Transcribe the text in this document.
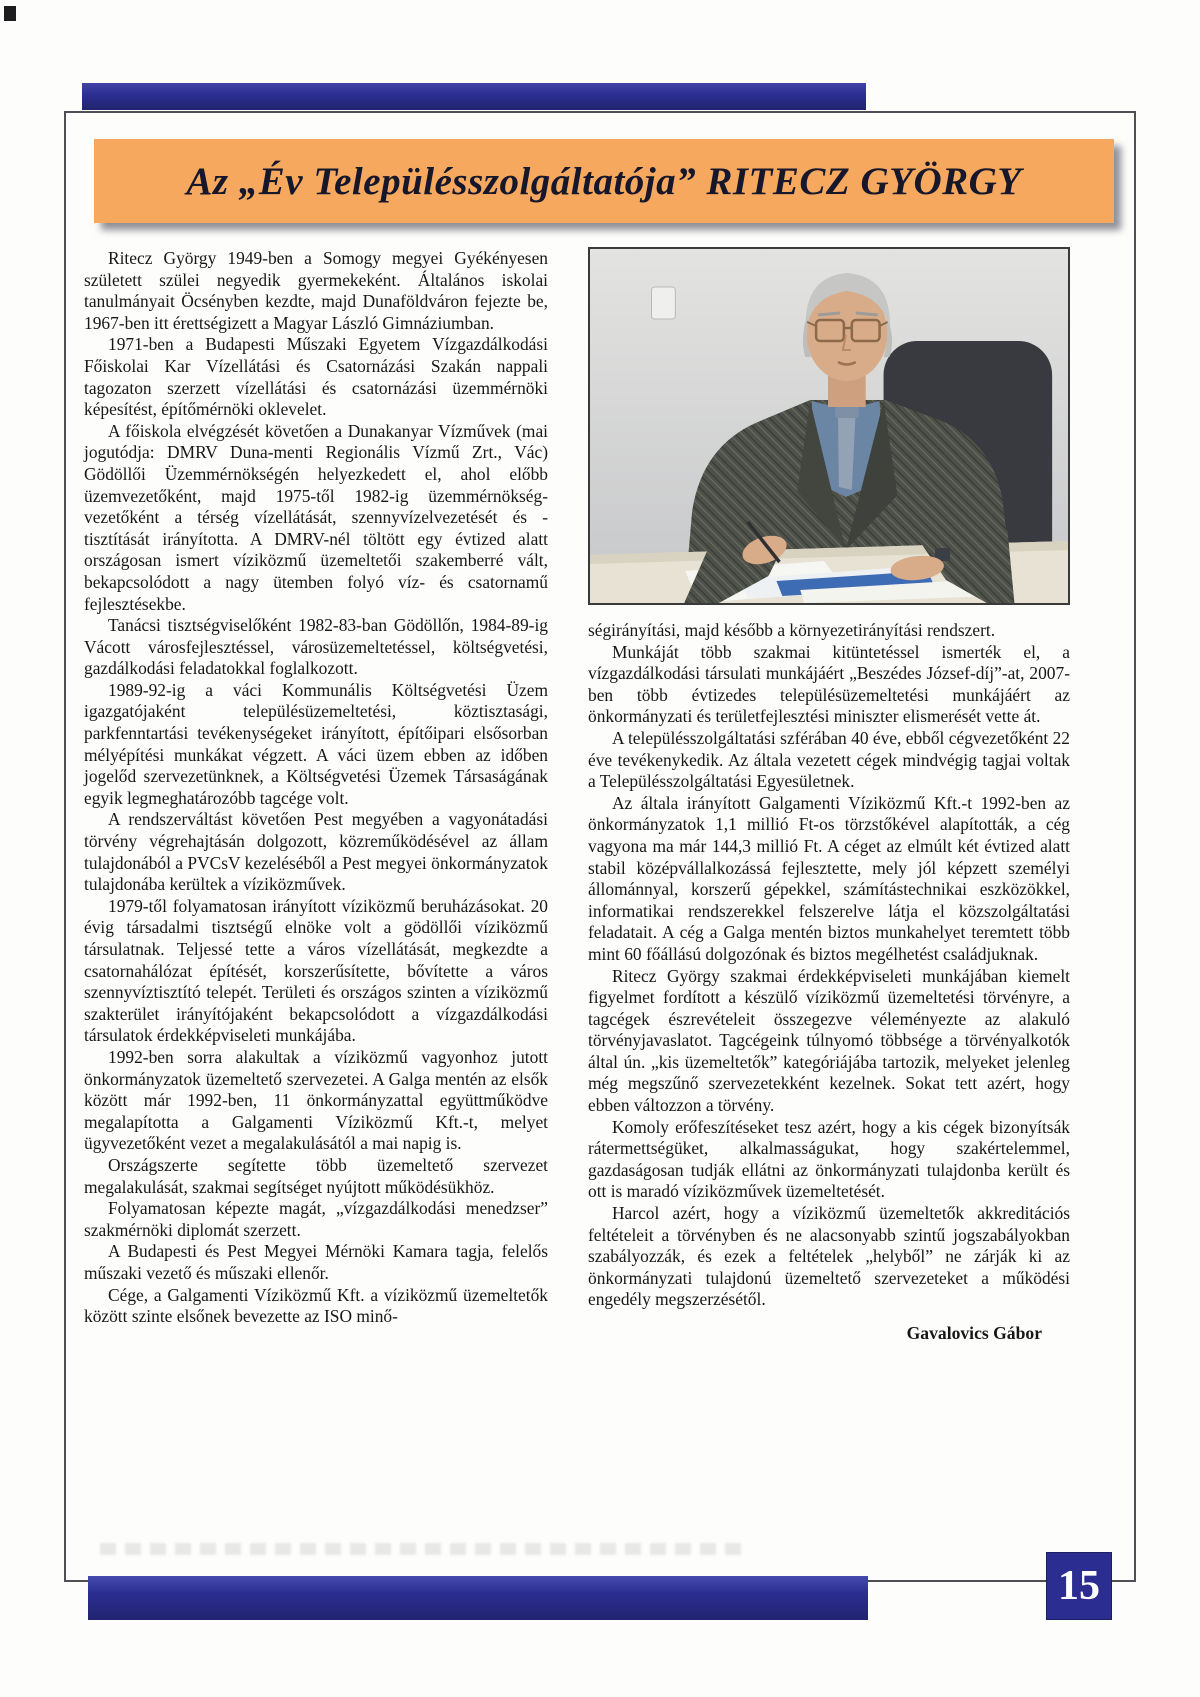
Az „Év Településszolgáltatója” RITECZ GYÖRGY

Ritecz György 1949-ben a Somogy megyei Gyékényesen született szülei negyedik gyermekeként. Általános iskolai tanulmányait Öcsényben kezdte, majd Dunaföldváron fejezte be, 1967-ben itt érettségizett a Magyar László Gimnáziumban.

1971-ben a Budapesti Műszaki Egyetem Vízgazdálkodási Főiskolai Kar Vízellátási és Csatornázási Szakán nappali tagozaton szerzett vízellátási és csatornázási üzemmérnöki képesítést, építőmérnöki oklevelet.

A főiskola elvégzését követően a Dunakanyar Vízművek (mai jogutódja: DMRV Duna-menti Regionális Vízmű Zrt., Vác) Gödöllői Üzemmérnökségén helyezkedett el, ahol előbb üzemvezetőként, majd 1975-től 1982-ig üzemmérnökség-vezetőként a térség vízellátását, szennyvízelvezetését és -tisztítását irányította. A DMRV-nél töltött egy évtized alatt országosan ismert víziközmű üzemeltetői szakemberré vált, bekapcsolódott a nagy ütemben folyó víz- és csatornamű fejlesztésekbe.

Tanácsi tisztségviselőként 1982-83-ban Gödöllőn, 1984-89-ig Vácott városfejlesztéssel, városüzemeltetéssel, költségvetési, gazdálkodási feladatokkal foglalkozott.

1989-92-ig a váci Kommunális Költségvetési Üzem igazgatójaként településüzemeltetési, köztisztasági, parkfenntartási tevékenységeket irányított, építőipari elsősorban mélyépítési munkákat végzett. A váci üzem ebben az időben jogelőd szervezetünknek, a Költségvetési Üzemek Társaságának egyik legmeghatározóbb tagcége volt.

A rendszerváltást követően Pest megyében a vagyonátadási törvény végrehajtásán dolgozott, közreműködésével az állam tulajdonából a PVCsV kezeléséből a Pest megyei önkormányzatok tulajdonába kerültek a víziközművek.

1979-től folyamatosan irányított víziközmű beruházásokat. 20 évig társadalmi tisztségű elnöke volt a gödöllői víziközmű társulatnak. Teljessé tette a város vízellátását, megkezdte a csatornahálózat építését, korszerűsítette, bővítette a város szennyvíztisztító telepét. Területi és országos szinten a víziközmű szakterület irányítójaként bekapcsolódott a vízgazdálkodási társulatok érdekképviseleti munkájába.

1992-ben sorra alakultak a víziközmű vagyonhoz jutott önkormányzatok üzemeltető szervezetei. A Galga mentén az elsők között már 1992-ben, 11 önkormányzattal együttműködve megalapította a Galgamenti Víziközmű Kft.-t, melyet ügyvezetőként vezet a megalakulásától a mai napig is.

Országszerte segítette több üzemeltető szervezet megalakulását, szakmai segítséget nyújtott működésükhöz.

Folyamatosan képezte magát, „vízgazdálkodási menedzser” szakmérnöki diplomát szerzett.

A Budapesti és Pest Megyei Mérnöki Kamara tagja, felelős műszaki vezető és műszaki ellenőr.

Cége, a Galgamenti Víziközmű Kft. a víziközmű üzemeltetők között szinte elsőnek bevezette az ISO minő-

ségirányítási, majd később a környezetirányítási rendszert.

Munkáját több szakmai kitüntetéssel ismerték el, a vízgazdálkodási társulati munkájáért „Beszédes József-díj”-at, 2007-ben több évtizedes településüzemeltetési munkájáért az önkormányzati és területfejlesztési miniszter elismerését vette át.

A településszolgáltatási szférában 40 éve, ebből cégvezetőként 22 éve tevékenykedik. Az általa vezetett cégek mindvégig tagjai voltak a Településszolgáltatási Egyesületnek.

Az általa irányított Galgamenti Víziközmű Kft.-t 1992-ben az önkormányzatok 1,1 millió Ft-os törzstőkével alapították, a cég vagyona ma már 144,3 millió Ft. A céget az elmúlt két évtized alatt stabil középvállalkozássá fejlesztette, mely jól képzett személyi állománnyal, korszerű gépekkel, számítástechnikai eszközökkel, informatikai rendszerekkel felszerelve látja el közszolgáltatási feladatait. A cég a Galga mentén biztos munkahelyet teremtett több mint 60 főállású dolgozónak és biztos megélhetést családjuknak.

Ritecz György szakmai érdekképviseleti munkájában kiemelt figyelmet fordított a készülő víziközmű üzemeltetési törvényre, a tagcégek észrevételeit összegezve véleményezte az alakuló törvényjavaslatot. Tagcégeink túlnyomó többsége a törvényalkotók által ún. „kis üzemeltetők” kategóriájába tartozik, melyeket jelenleg még megszűnő szervezetekként kezelnek. Sokat tett azért, hogy ebben változzon a törvény.

Komoly erőfeszítéseket tesz azért, hogy a kis cégek bizonyítsák rátermettségüket, alkalmasságukat, hogy szakértelemmel, gazdaságosan tudják ellátni az önkormányzati tulajdonba került és ott is maradó víziközművek üzemeltetését.

Harcol azért, hogy a víziközmű üzemeltetők akkreditációs feltételeit a törvényben és ne alacsonyabb szintű jogszabályokban szabályozzák, és ezek a feltételek „helyből” ne zárják ki az önkormányzati tulajdonú üzemeltető szervezeteket a működési engedély megszerzésétől.

Gavalovics Gábor
15
